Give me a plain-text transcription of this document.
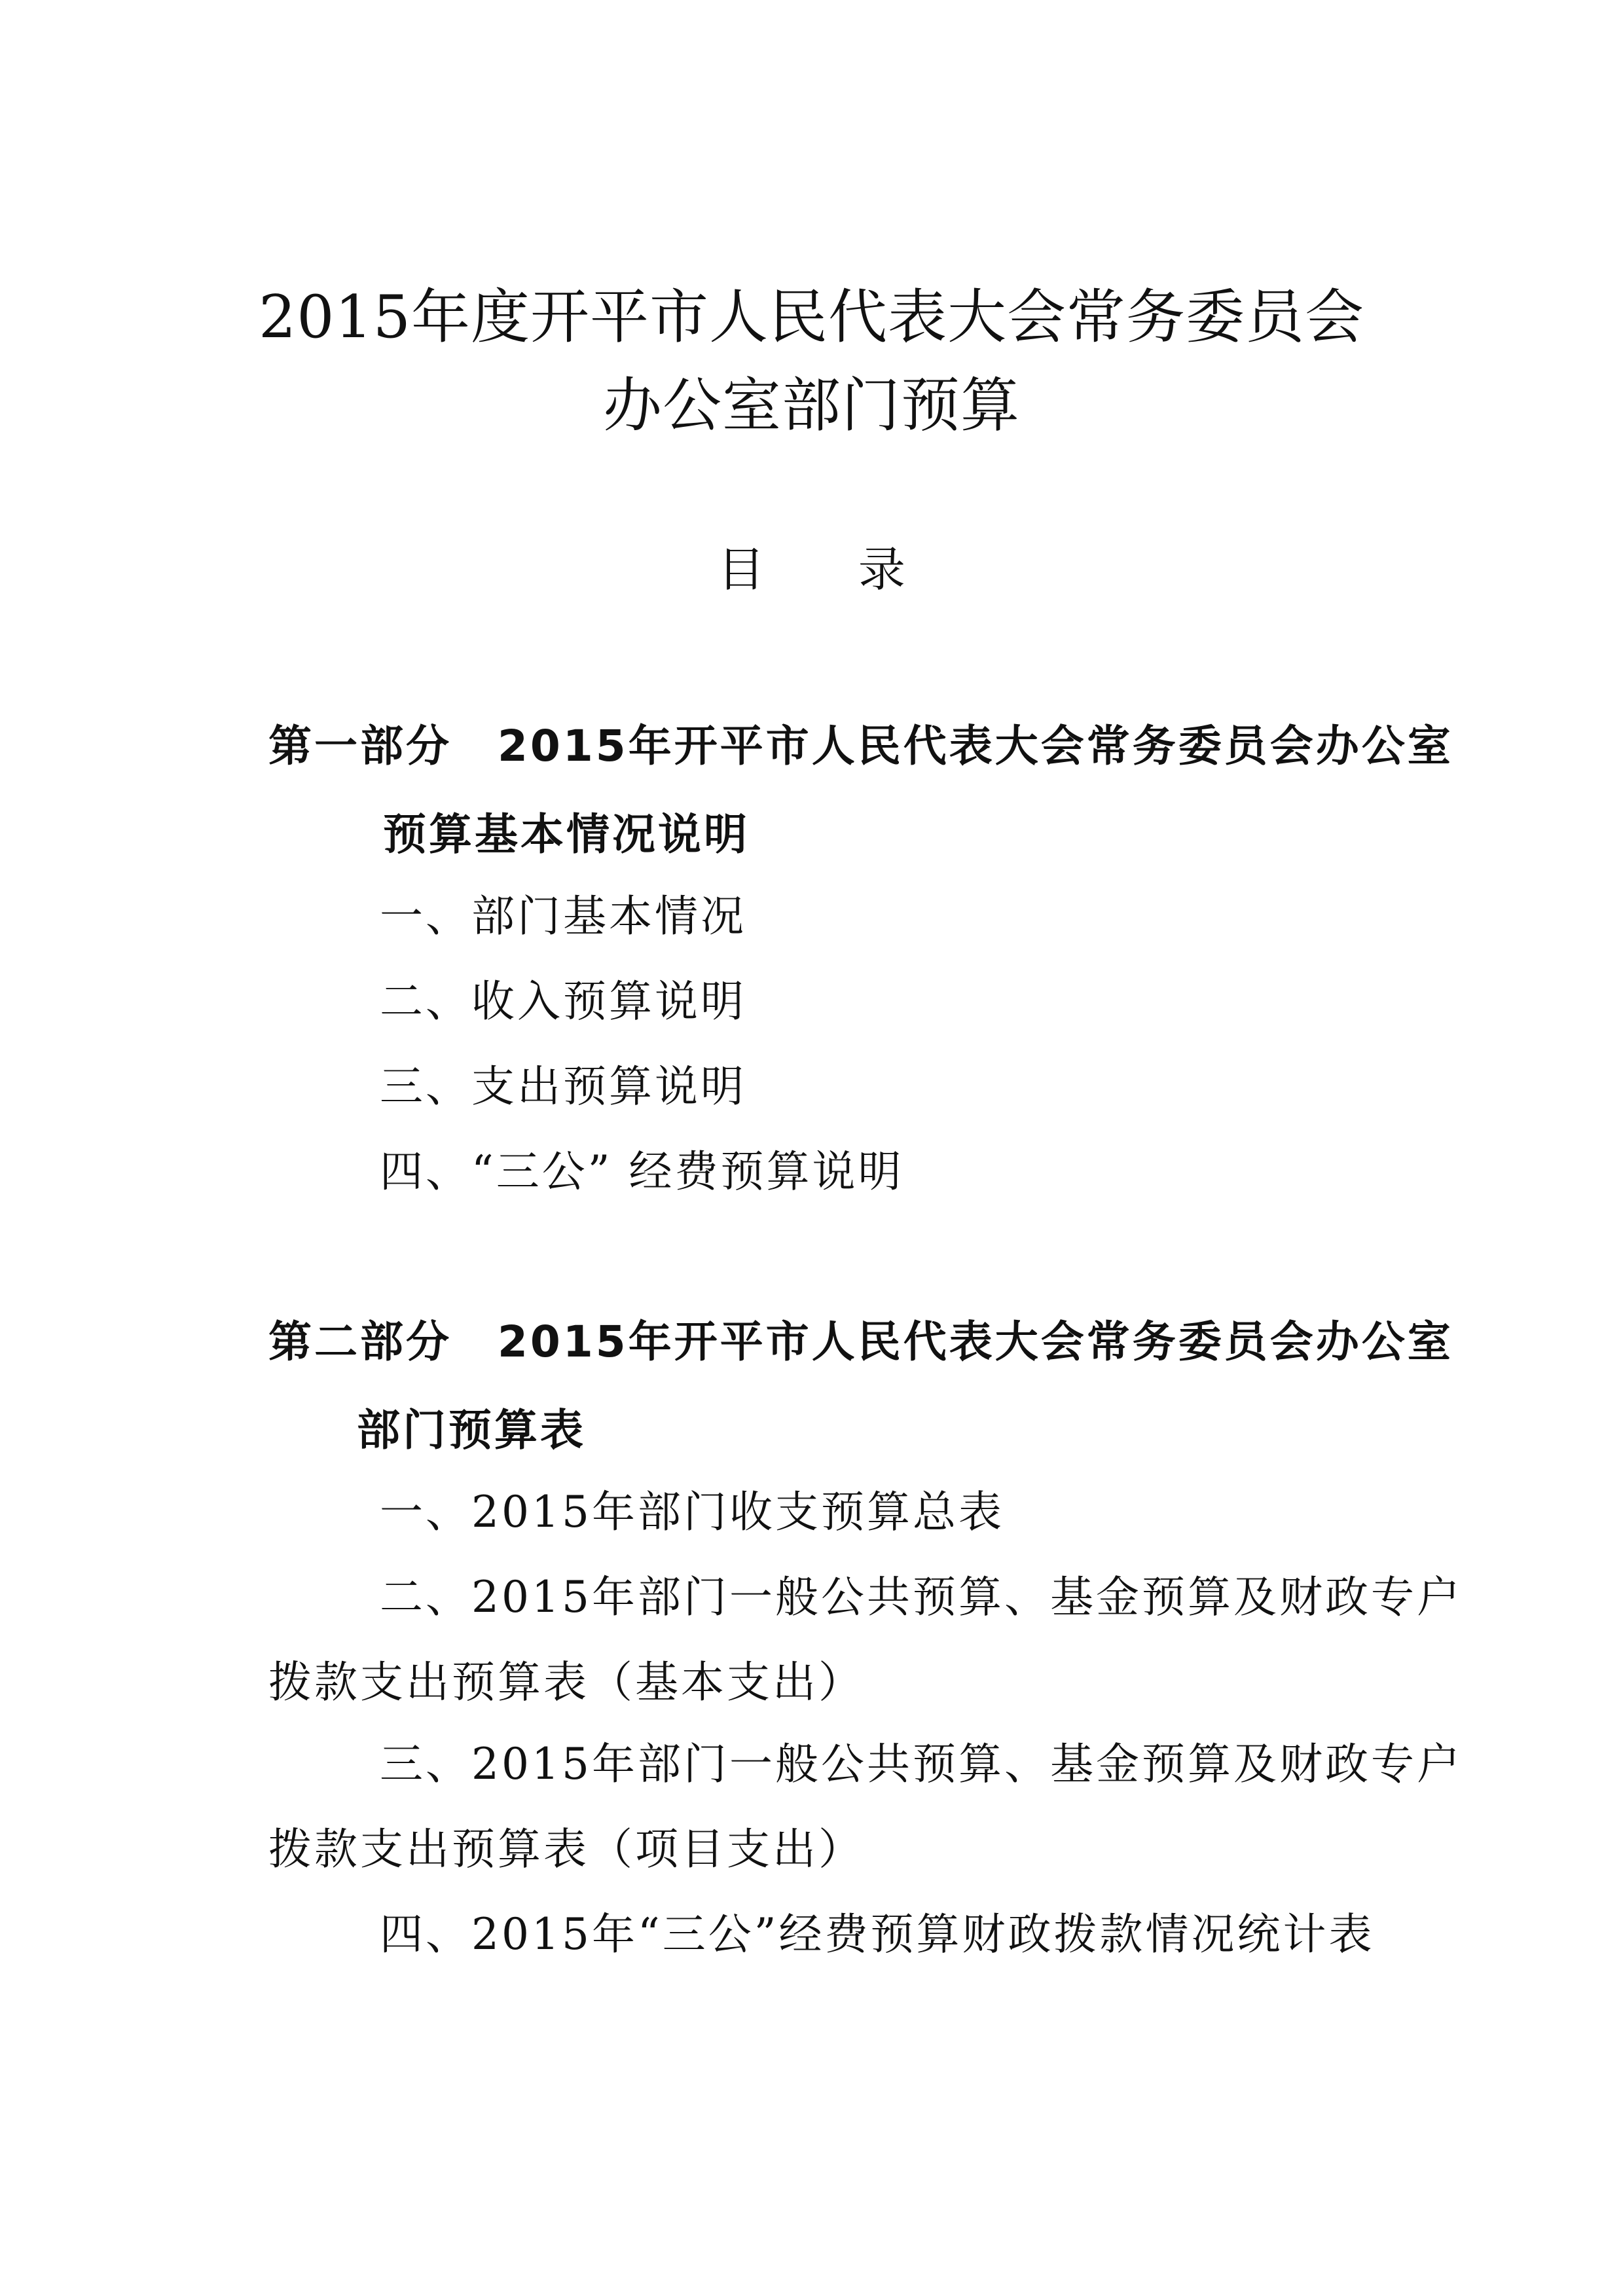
2015年度开平市人民代表大会常务委员会
办公室部门预算
目 录
第一部分 2015年开平市人民代表大会常务委员会办公室
预算基本情况说明
一、部门基本情况
二、收入预算说明
三、支出预算说明
四、“三公” 经费预算说明
第二部分 2015年开平市人民代表大会常务委员会办公室
部门预算表
一、2015年部门收支预算总表
二、2015年部门一般公共预算、基金预算及财政专户
拨款支出预算表（基本支出）
三、2015年部门一般公共预算、基金预算及财政专户
拨款支出预算表（项目支出）
四、2015年“三公”经费预算财政拨款情况统计表
